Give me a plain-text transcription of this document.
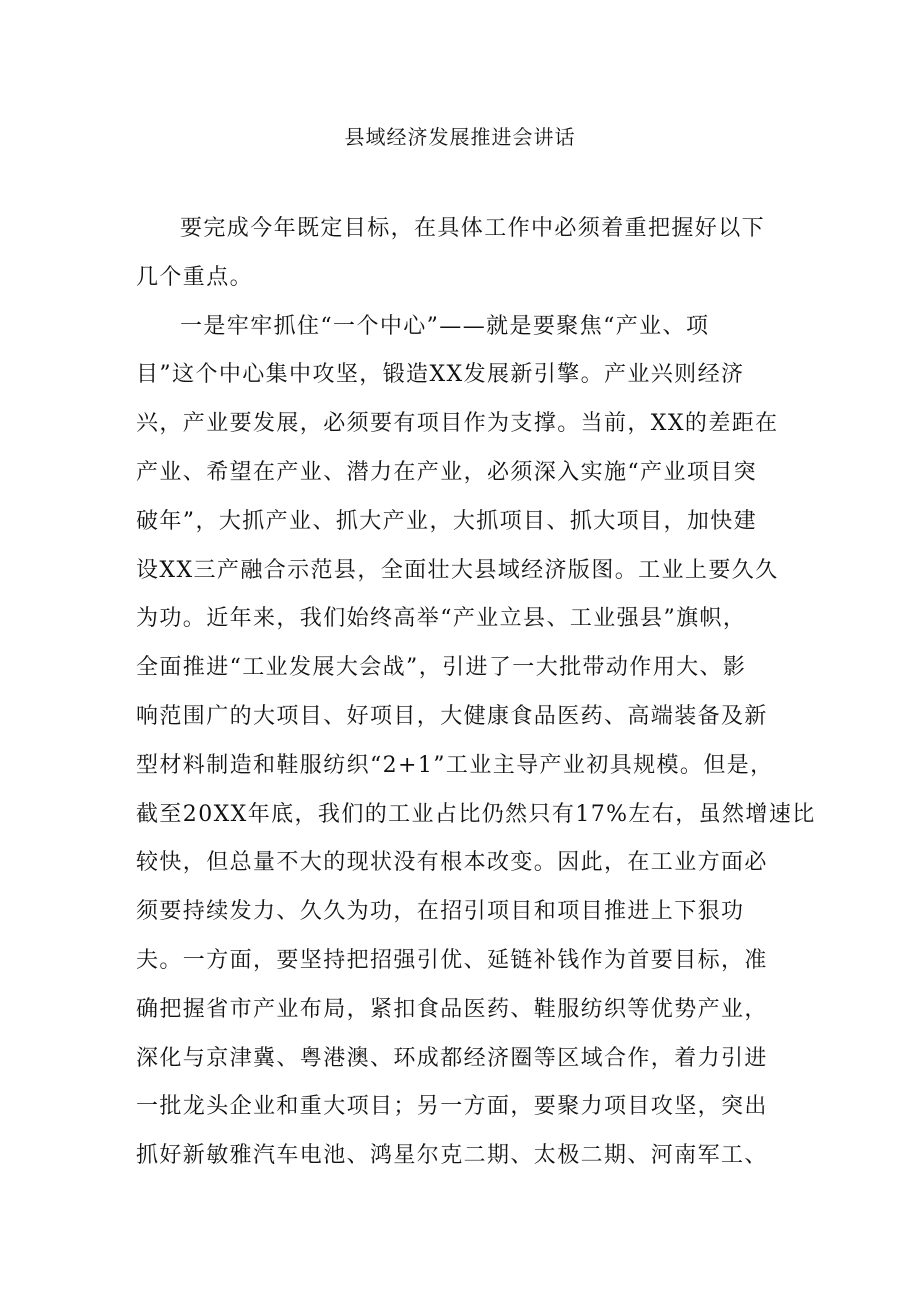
县域经济发展推进会讲话
要完成今年既定目标，在具体工作中必须着重把握好以下
几个重点。
一是牢牢抓住“一个中心”——就是要聚焦“产业、项
目”这个中心集中攻坚，锻造XX发展新引擎。产业兴则经济
兴，产业要发展，必须要有项目作为支撑。当前，XX的差距在
产业、希望在产业、潜力在产业，必须深入实施“产业项目突
破年”，大抓产业、抓大产业，大抓项目、抓大项目，加快建
设XX三产融合示范县，全面壮大县域经济版图。工业上要久久
为功。近年来，我们始终高举“产业立县、工业强县”旗帜，
全面推进“工业发展大会战”，引进了一大批带动作用大、影
响范围广的大项目、好项目，大健康食品医药、高端装备及新
型材料制造和鞋服纺织“2+1”工业主导产业初具规模。但是，
截至20XX年底，我们的工业占比仍然只有17%左右，虽然增速比
较快，但总量不大的现状没有根本改变。因此，在工业方面必
须要持续发力、久久为功，在招引项目和项目推进上下狠功
夫。一方面，要坚持把招强引优、延链补钱作为首要目标，准
确把握省市产业布局，紧扣食品医药、鞋服纺织等优势产业，
深化与京津冀、粤港澳、环成都经济圈等区域合作，着力引进
一批龙头企业和重大项目；另一方面，要聚力项目攻坚，突出
抓好新敏雅汽车电池、鸿星尔克二期、太极二期、河南军工、
